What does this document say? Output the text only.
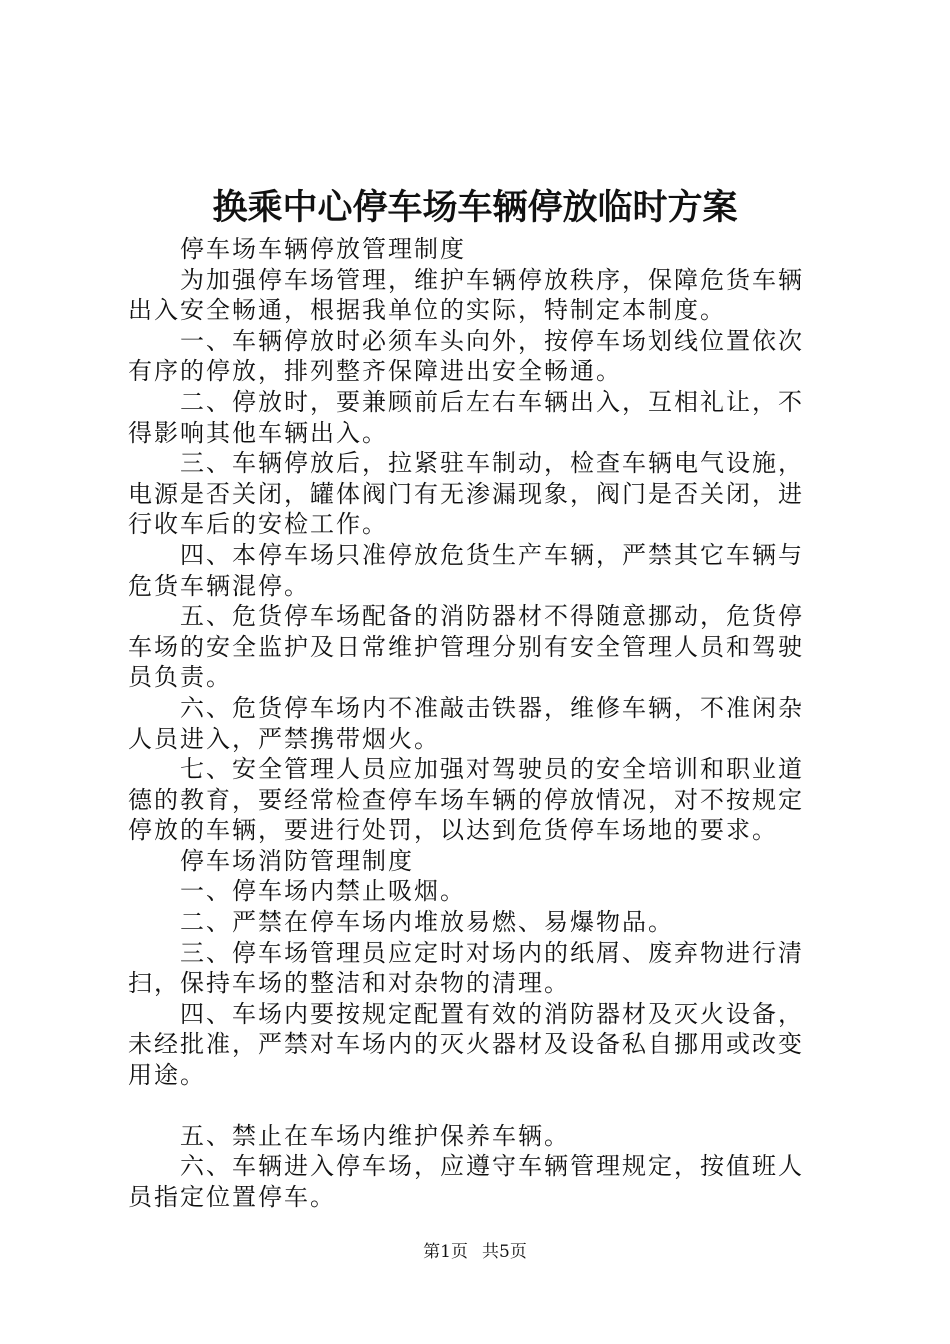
换乘中心停车场车辆停放临时方案

停车场车辆停放管理制度

为加强停车场管理，维护车辆停放秩序，保障危货车辆出入安全畅通，根据我单位的实际，特制定本制度。

一、车辆停放时必须车头向外，按停车场划线位置依次有序的停放，排列整齐保障进出安全畅通。

二、停放时，要兼顾前后左右车辆出入，互相礼让，不得影响其他车辆出入。

三、车辆停放后，拉紧驻车制动，检查车辆电气设施，电源是否关闭，罐体阀门有无渗漏现象，阀门是否关闭，进行收车后的安检工作。

四、本停车场只准停放危货生产车辆，严禁其它车辆与危货车辆混停。

五、危货停车场配备的消防器材不得随意挪动，危货停车场的安全监护及日常维护管理分别有安全管理人员和驾驶员负责。

六、危货停车场内不准敲击铁器，维修车辆，不准闲杂人员进入，严禁携带烟火。

七、安全管理人员应加强对驾驶员的安全培训和职业道德的教育，要经常检查停车场车辆的停放情况，对不按规定停放的车辆，要进行处罚，以达到危货停车场地的要求。

停车场消防管理制度

一、停车场内禁止吸烟。

二、严禁在停车场内堆放易燃、易爆物品。

三、停车场管理员应定时对场内的纸屑、废弃物进行清扫，保持车场的整洁和对杂物的清理。

四、车场内要按规定配置有效的消防器材及灭火设备，未经批准，严禁对车场内的灭火器材及设备私自挪用或改变用途。

五、禁止在车场内维护保养车辆。

六、车辆进入停车场，应遵守车辆管理规定，按值班人员指定位置停车。

第1页 共5页
